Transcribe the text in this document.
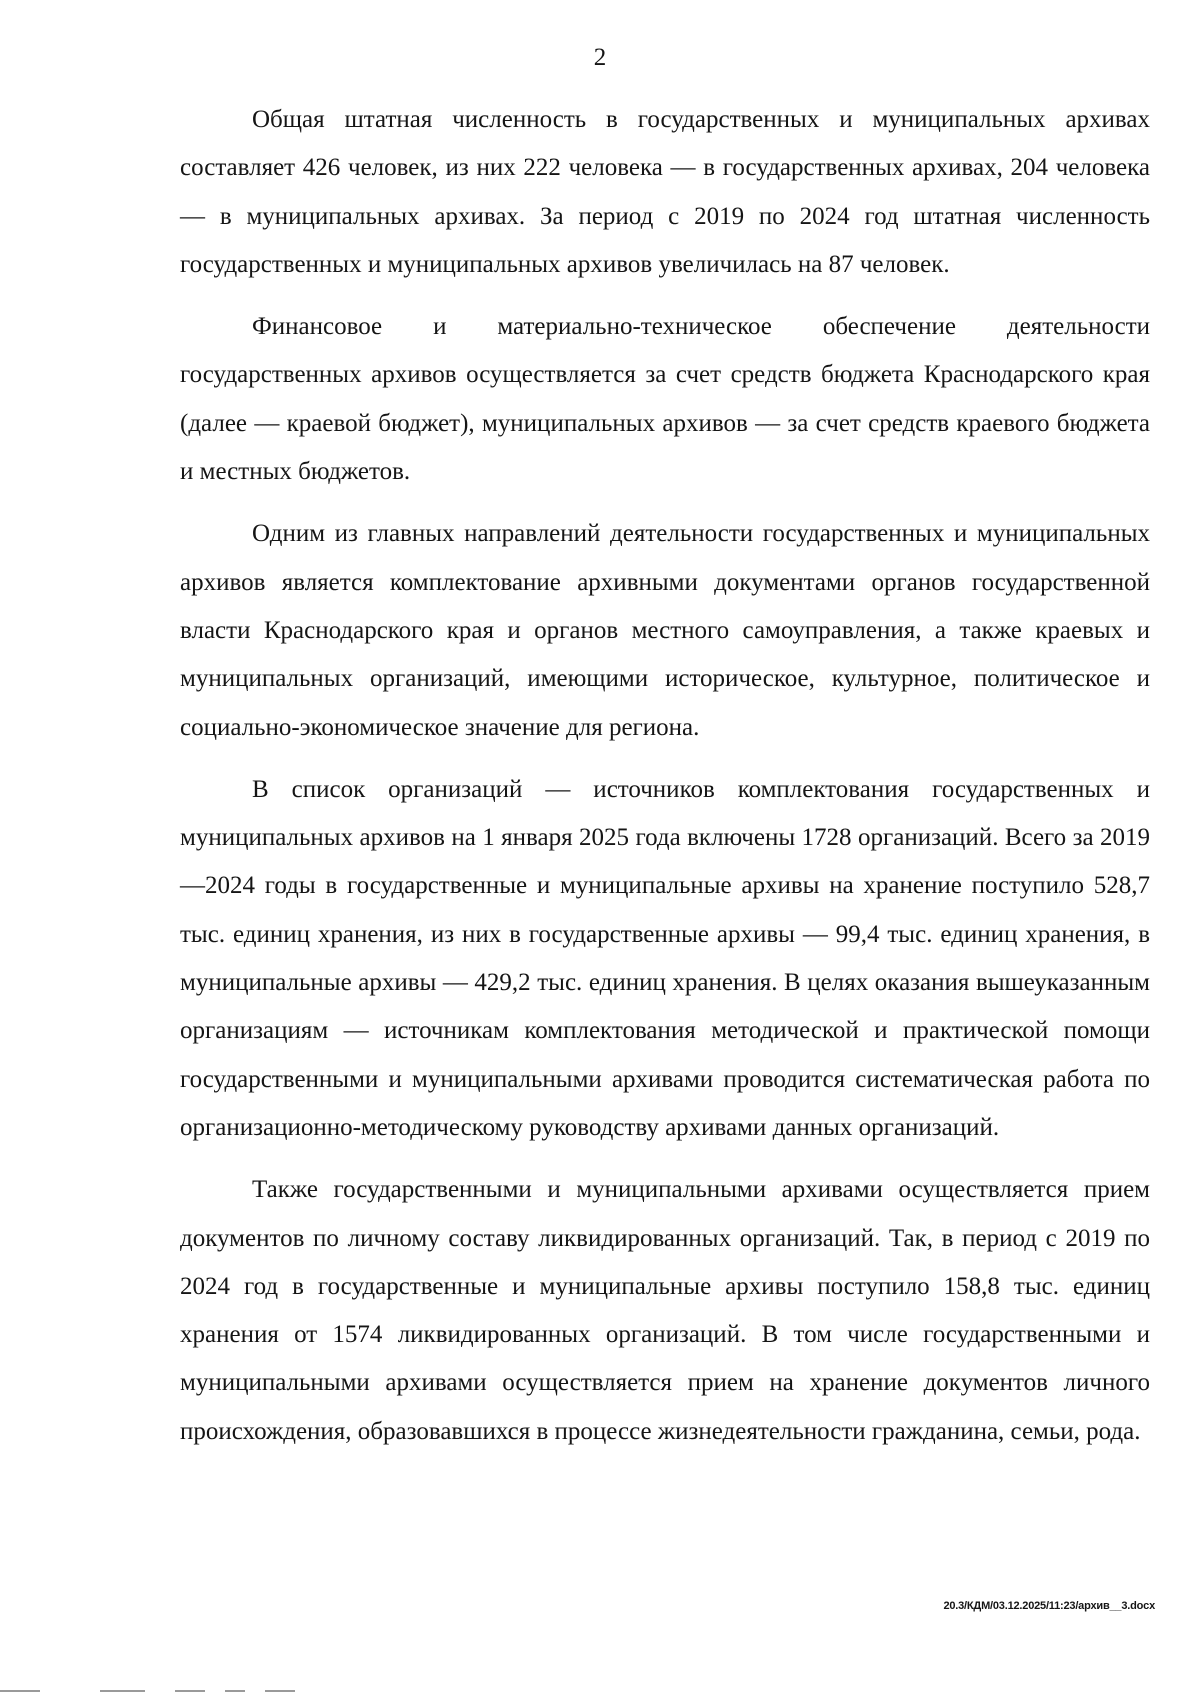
2

Общая штатная численность в государственных и муниципальных архивах составляет 426 человек, из них 222 человека — в государственных архивах, 204 человека — в муниципальных архивах. За период с 2019 по 2024 год штатная численность государственных и муниципальных архивов увеличилась на 87 человек.

Финансовое и материально-техническое обеспечение деятельности государственных архивов осуществляется за счет средств бюджета Краснодарского края (далее — краевой бюджет), муниципальных архивов — за счет средств краевого бюджета и местных бюджетов.

Одним из главных направлений деятельности государственных и муниципальных архивов является комплектование архивными документами органов государственной власти Краснодарского края и органов местного самоуправления, а также краевых и муниципальных организаций, имеющими историческое, культурное, политическое и социально-экономическое значение для региона.

В список организаций — источников комплектования государственных и муниципальных архивов на 1 января 2025 года включены 1728 организаций. Всего за 2019—2024 годы в государственные и муниципальные архивы на хранение поступило 528,7 тыс. единиц хранения, из них в государственные архивы — 99,4 тыс. единиц хранения, в муниципальные архивы — 429,2 тыс. единиц хранения. В целях оказания вышеуказанным организациям — источникам комплектования методической и практической помощи государственными и муниципальными архивами проводится систематическая работа по организационно-методическому руководству архивами данных организаций.

Также государственными и муниципальными архивами осуществляется прием документов по личному составу ликвидированных организаций. Так, в период с 2019 по 2024 год в государственные и муниципальные архивы поступило 158,8 тыс. единиц хранения от 1574 ликвидированных организаций. В том числе государственными и муниципальными архивами осуществляется прием на хранение документов личного происхождения, образовавшихся в процессе жизнедеятельности гражданина, семьи, рода.

20.3/КДМ/03.12.2025/11:23/архив__3.docx
